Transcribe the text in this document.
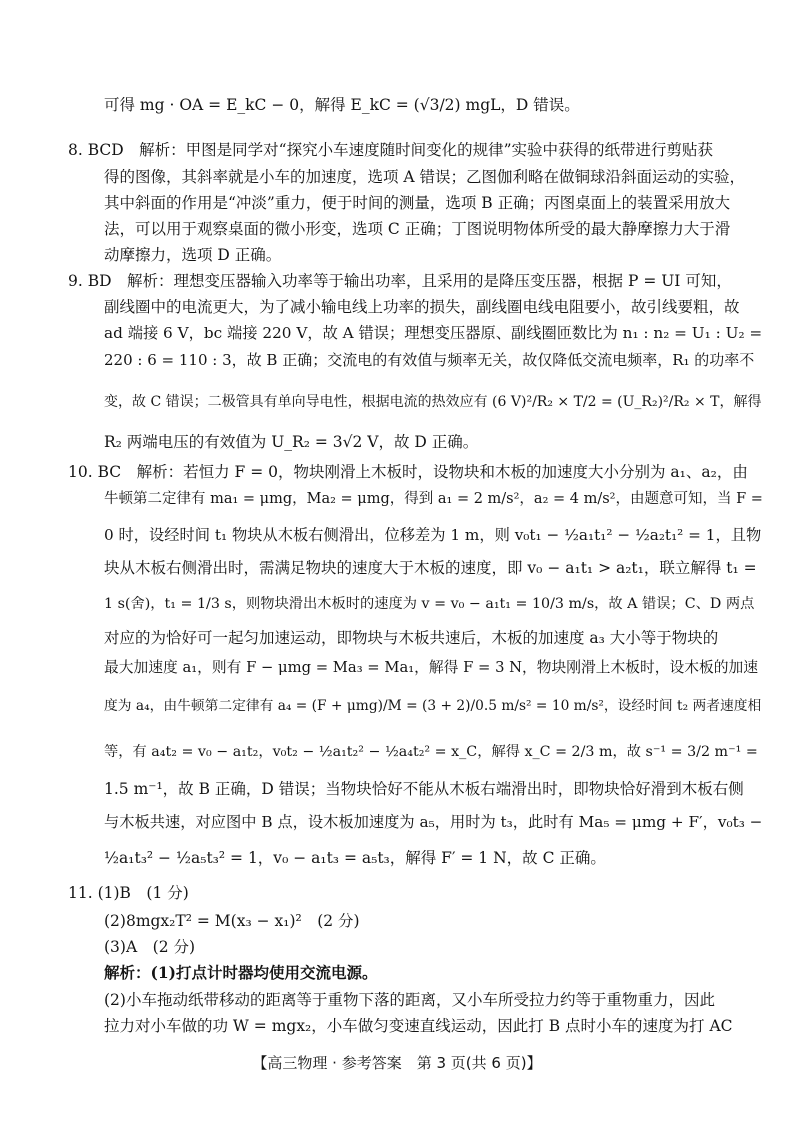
可得 mg · OA = E_kC − 0，解得 E_kC = (√3/2) mgL，D 错误。
8. BCD　解析：甲图是同学对“探究小车速度随时间变化的规律”实验中获得的纸带进行剪贴获
得的图像，其斜率就是小车的加速度，选项 A 错误；乙图伽利略在做铜球沿斜面运动的实验，
其中斜面的作用是“冲淡”重力，便于时间的测量，选项 B 正确；丙图桌面上的装置采用放大
法，可以用于观察桌面的微小形变，选项 C 正确；丁图说明物体所受的最大静摩擦力大于滑
动摩擦力，选项 D 正确。
9. BD　解析：理想变压器输入功率等于输出功率，且采用的是降压变压器，根据 P = UI 可知，
副线圈中的电流更大，为了减小输电线上功率的损失，副线圈电线电阻要小，故引线要粗，故
ad 端接 6 V，bc 端接 220 V，故 A 错误；理想变压器原、副线圈匝数比为 n₁ : n₂ = U₁ : U₂ =
220 : 6 = 110 : 3，故 B 正确；交流电的有效值与频率无关，故仅降低交流电频率，R₁ 的功率不
变，故 C 错误；二极管具有单向导电性，根据电流的热效应有 (6 V)²/R₂ × T/2 = (U_R₂)²/R₂ × T，解得
R₂ 两端电压的有效值为 U_R₂ = 3√2 V，故 D 正确。
10. BC　解析：若恒力 F = 0，物块刚滑上木板时，设物块和木板的加速度大小分别为 a₁、a₂，由
牛顿第二定律有 ma₁ = μmg，Ma₂ = μmg，得到 a₁ = 2 m/s²，a₂ = 4 m/s²，由题意可知，当 F =
0 时，设经时间 t₁ 物块从木板右侧滑出，位移差为 1 m，则 v₀t₁ − ½a₁t₁² − ½a₂t₁² = 1，且物
块从木板右侧滑出时，需满足物块的速度大于木板的速度，即 v₀ − a₁t₁ > a₂t₁，联立解得 t₁ =
1 s(舍)，t₁ = 1/3 s，则物块滑出木板时的速度为 v = v₀ − a₁t₁ = 10/3 m/s，故 A 错误；C、D 两点
对应的为恰好可一起匀加速运动，即物块与木板共速后，木板的加速度 a₃ 大小等于物块的
最大加速度 a₁，则有 F − μmg = Ma₃ = Ma₁，解得 F = 3 N，物块刚滑上木板时，设木板的加速
度为 a₄，由牛顿第二定律有 a₄ = (F + μmg)/M = (3 + 2)/0.5 m/s² = 10 m/s²，设经时间 t₂ 两者速度相
等，有 a₄t₂ = v₀ − a₁t₂，v₀t₂ − ½a₁t₂² − ½a₄t₂² = x_C，解得 x_C = 2/3 m，故 s⁻¹ = 3/2 m⁻¹ =
1.5 m⁻¹，故 B 正确，D 错误；当物块恰好不能从木板右端滑出时，即物块恰好滑到木板右侧
与木板共速，对应图中 B 点，设木板加速度为 a₅，用时为 t₃，此时有 Ma₅ = μmg + F′，v₀t₃ −
½a₁t₃² − ½a₅t₃² = 1，v₀ − a₁t₃ = a₅t₃，解得 F′ = 1 N，故 C 正确。
11. (1)B　(1 分)
(2)8mgx₂T² = M(x₃ − x₁)²　(2 分)
(3)A　(2 分)
解析：(1)打点计时器均使用交流电源。
(2)小车拖动纸带移动的距离等于重物下落的距离，又小车所受拉力约等于重物重力，因此
拉力对小车做的功 W = mgx₂，小车做匀变速直线运动，因此打 B 点时小车的速度为打 AC
【高三物理 · 参考答案　第 3 页(共 6 页)】
